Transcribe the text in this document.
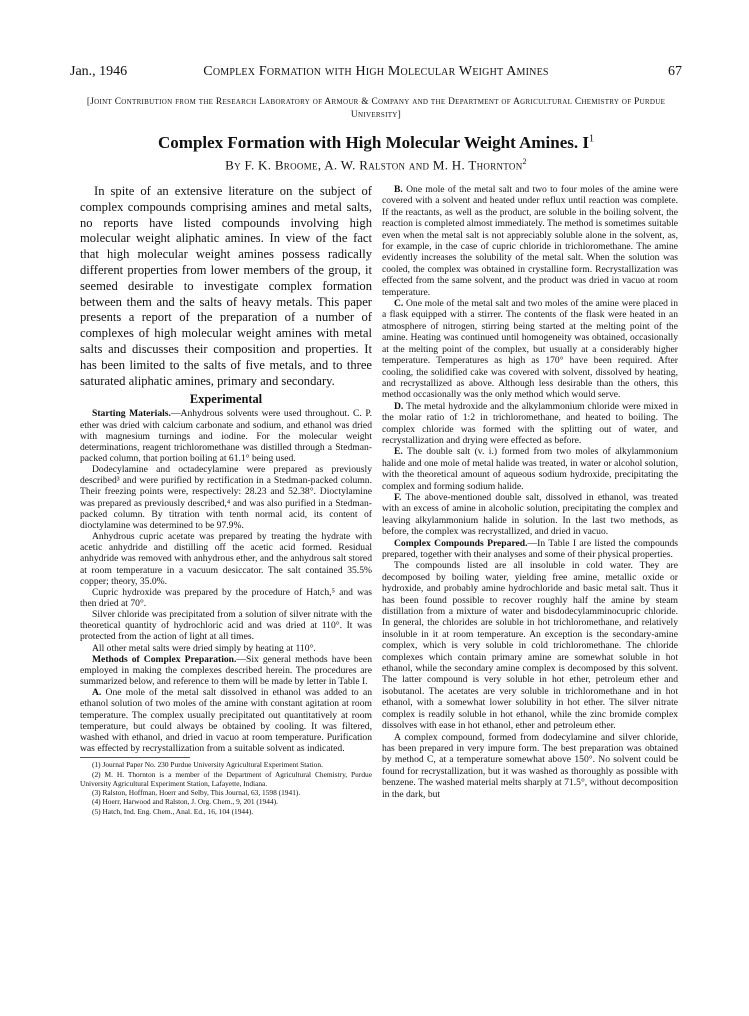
Jan., 1946	Complex Formation with High Molecular Weight Amines	67
[Joint Contribution from the Research Laboratory of Armour & Company and the Department of Agricultural Chemistry of Purdue University]
Complex Formation with High Molecular Weight Amines. $I^1$
By F. K. Broome, A. W. Ralston and M. H. Thornton$^2$

In spite of an extensive literature on the subject of complex compounds comprising amines and metal salts, no reports have listed compounds involving high molecular weight aliphatic amines. In view of the fact that high molecular weight amines possess radically different properties from lower members of the group, it seemed desirable to investigate complex formation between them and the salts of heavy metals. This paper presents a report of the preparation of a number of complexes of high molecular weight amines with metal salts and discusses their composition and properties. It has been limited to the salts of five metals, and to three saturated aliphatic amines, primary and secondary.

Experimental

Starting Materials.—Anhydrous solvents were used throughout. C. P. ether was dried with calcium carbonate and sodium, and ethanol was dried with magnesium turnings and iodine. For the molecular weight determinations, reagent trichloromethane was distilled through a Stedman-packed column, that portion boiling at 61.1° being used.

Dodecylamine and octadecylamine were prepared as previously described³ and were purified by rectification in a Stedman-packed column. Their freezing points were, respectively: 28.23 and 52.38°. Dioctylamine was prepared as previously described,⁴ and was also purified in a Stedman-packed column. By titration with tenth normal acid, its content of dioctylamine was determined to be 97.9%.

Anhydrous cupric acetate was prepared by treating the hydrate with acetic anhydride and distilling off the acetic acid formed. Residual anhydride was removed with anhydrous ether, and the anhydrous salt stored at room temperature in a vacuum desiccator. The salt contained 35.5% copper; theory, 35.0%.

Cupric hydroxide was prepared by the procedure of Hatch,⁵ and was then dried at 70°.

Silver chloride was precipitated from a solution of silver nitrate with the theoretical quantity of hydrochloric acid and was dried at 110°. It was protected from the action of light at all times.

All other metal salts were dried simply by heating at 110°.

Methods of Complex Preparation.—Six general methods have been employed in making the complexes described herein. The procedures are summarized below, and reference to them will be made by letter in Table I.

A. One mole of the metal salt dissolved in ethanol was added to an ethanol solution of two moles of the amine with constant agitation at room temperature. The complex usually precipitated out quantitatively at room temperature, but could always be obtained by cooling. It was filtered, washed with ethanol, and dried in vacuo at room temperature. Purification was effected by recrystallization from a suitable solvent as indicated.

(1) Journal Paper No. 230 Purdue University Agricultural Experiment Station.

(2) M. H. Thornton is a member of the Department of Agricultural Chemistry, Purdue University Agricultural Experiment Station, Lafayette, Indiana.

(3) Ralston, Hoffman, Hoerr and Selby, This Journal, 63, 1598 (1941).

(4) Hoerr, Harwood and Ralston, J. Org. Chem., 9, 201 (1944).

(5) Hatch, Ind. Eng. Chem., Anal. Ed., 16, 104 (1944).

B. One mole of the metal salt and two to four moles of the amine were covered with a solvent and heated under reflux until reaction was complete. If the reactants, as well as the product, are soluble in the boiling solvent, the reaction is completed almost immediately. The method is sometimes suitable even when the metal salt is not appreciably soluble alone in the solvent, as, for example, in the case of cupric chloride in trichloromethane. The amine evidently increases the solubility of the metal salt. When the solution was cooled, the complex was obtained in crystalline form. Recrystallization was effected from the same solvent, and the product was dried in vacuo at room temperature.

C. One mole of the metal salt and two moles of the amine were placed in a flask equipped with a stirrer. The contents of the flask were heated in an atmosphere of nitrogen, stirring being started at the melting point of the amine. Heating was continued until homogeneity was obtained, occasionally at the melting point of the complex, but usually at a considerably higher temperature. Temperatures as high as 170° have been required. After cooling, the solidified cake was covered with solvent, dissolved by heating, and recrystallized as above. Although less desirable than the others, this method occasionally was the only method which would serve.

D. The metal hydroxide and the alkylammonium chloride were mixed in the molar ratio of 1:2 in trichloromethane, and heated to boiling. The complex chloride was formed with the splitting out of water, and recrystallization and drying were effected as before.

E. The double salt (v. i.) formed from two moles of alkylammonium halide and one mole of metal halide was treated, in water or alcohol solution, with the theoretical amount of aqueous sodium hydroxide, precipitating the complex and forming sodium halide.

F. The above-mentioned double salt, dissolved in ethanol, was treated with an excess of amine in alcoholic solution, precipitating the complex and leaving alkylammonium halide in solution. In the last two methods, as before, the complex was recrystallized, and dried in vacuo.

Complex Compounds Prepared.—In Table I are listed the compounds prepared, together with their analyses and some of their physical properties.

The compounds listed are all insoluble in cold water. They are decomposed by boiling water, yielding free amine, metallic oxide or hydroxide, and probably amine hydrochloride and basic metal salt. Thus it has been found possible to recover roughly half the amine by steam distillation from a mixture of water and bisdodecylamminocupric chloride. In general, the chlorides are soluble in hot trichloromethane, and relatively insoluble in it at room temperature. An exception is the secondary-amine complex, which is very soluble in cold trichloromethane. The chloride complexes which contain primary amine are somewhat soluble in hot ethanol, while the secondary amine complex is decomposed by this solvent. The latter compound is very soluble in hot ether, petroleum ether and isobutanol. The acetates are very soluble in trichloromethane and in hot ethanol, with a somewhat lower solubility in hot ether. The silver nitrate complex is readily soluble in hot ethanol, while the zinc bromide complex dissolves with ease in hot ethanol, ether and petroleum ether.

A complex compound, formed from dodecylamine and silver chloride, has been prepared in very impure form. The best preparation was obtained by method C, at a temperature somewhat above 150°. No solvent could be found for recrystallization, but it was washed as thoroughly as possible with benzene. The washed material melts sharply at 71.5°, without decomposition in the dark, but
